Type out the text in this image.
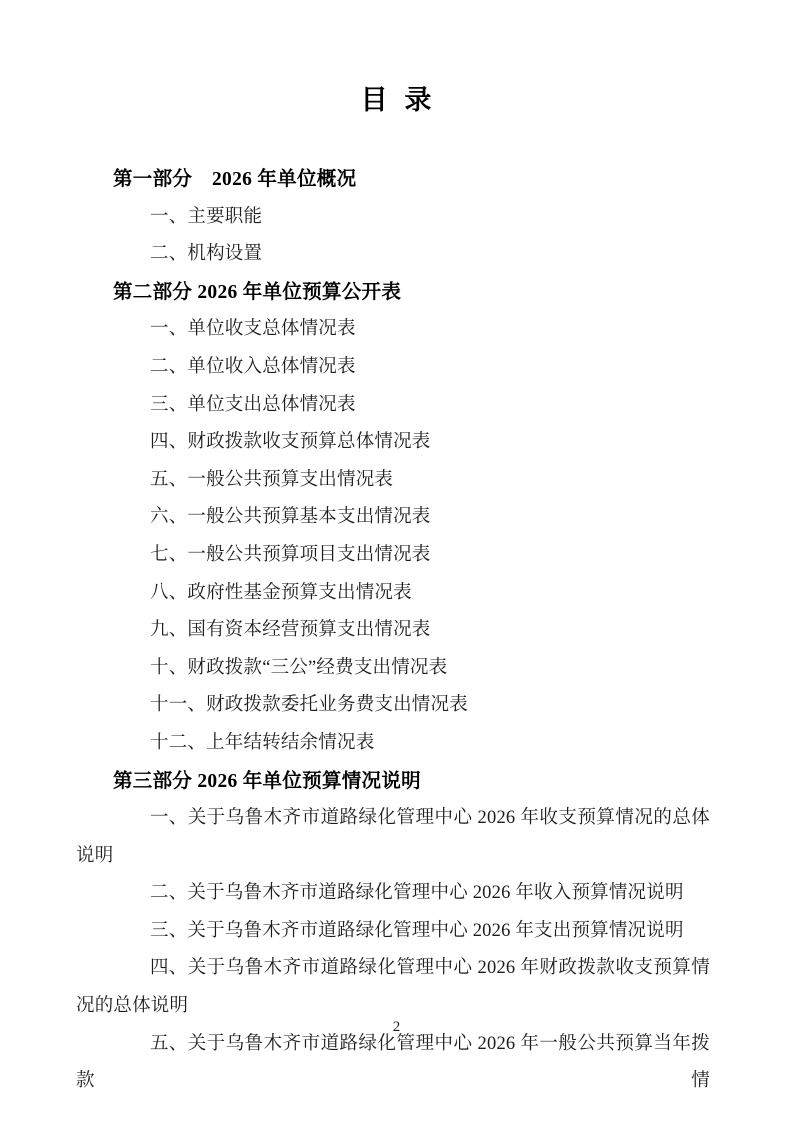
目 录

第一部分　2026 年单位概况

一、主要职能

二、机构设置

第二部分 2026 年单位预算公开表

一、单位收支总体情况表

二、单位收入总体情况表

三、单位支出总体情况表

四、财政拨款收支预算总体情况表

五、一般公共预算支出情况表

六、一般公共预算基本支出情况表

七、一般公共预算项目支出情况表

八、政府性基金预算支出情况表

九、国有资本经营预算支出情况表

十、财政拨款“三公”经费支出情况表

十一、财政拨款委托业务费支出情况表

十二、上年结转结余情况表

第三部分 2026 年单位预算情况说明

一、关于乌鲁木齐市道路绿化管理中心 2026 年收支预算情况的总体说明

二、关于乌鲁木齐市道路绿化管理中心 2026 年收入预算情况说明

三、关于乌鲁木齐市道路绿化管理中心 2026 年支出预算情况说明

四、关于乌鲁木齐市道路绿化管理中心 2026 年财政拨款收支预算情况的总体说明

五、关于乌鲁木齐市道路绿化管理中心 2026 年一般公共预算当年拨款情

2
